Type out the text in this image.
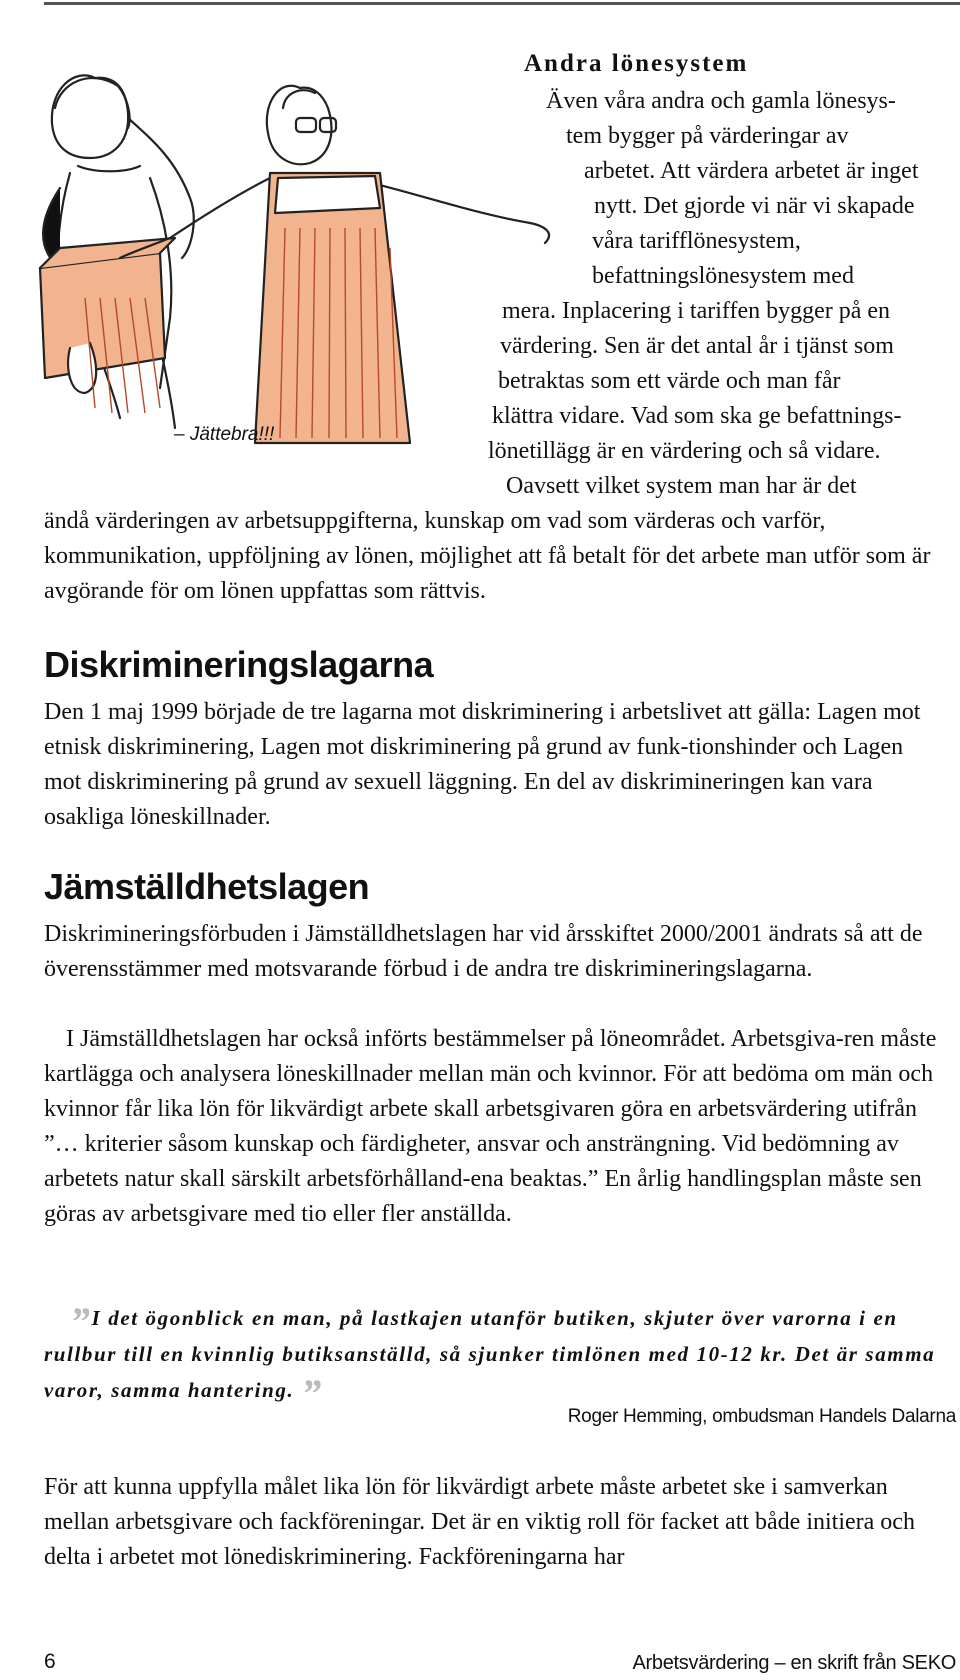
– Jättebra!!!
Andra lönesystem
Även våra andra och gamla lönesys-
tem bygger på värderingar av
arbetet. Att värdera arbetet är inget
nytt. Det gjorde vi när vi skapade
våra tarifflönesystem,
befattningslönesystem med
mera. Inplacering i tariffen bygger på en
värdering. Sen är det antal år i tjänst som
betraktas som ett värde och man får
klättra vidare. Vad som ska ge befattnings-
lönetillägg är en värdering och så vidare.
Oavsett vilket system man har är det

ändå värderingen av arbetsuppgifterna, kunskap om vad som värderas och varför, kommunikation, uppföljning av lönen, möjlighet att få betalt för det arbete man utför som är avgörande för om lönen uppfattas som rättvis.

Diskrimineringslagarna

Den 1 maj 1999 började de tre lagarna mot diskriminering i arbetslivet att gälla: Lagen mot etnisk diskriminering, Lagen mot diskriminering på grund av funk-tionshinder och Lagen mot diskriminering på grund av sexuell läggning. En del av diskrimineringen kan vara osakliga löneskillnader.

Jämställdhetslagen

Diskrimineringsförbuden i Jämställdhetslagen har vid årsskiftet 2000/2001 ändrats så att de överensstämmer med motsvarande förbud i de andra tre diskrimineringslagarna.

I Jämställdhetslagen har också införts bestämmelser på löneområdet. Arbetsgiva-ren måste kartlägga och analysera löneskillnader mellan män och kvinnor. För att bedöma om män och kvinnor får lika lön för likvärdigt arbete skall arbetsgivaren göra en arbetsvärdering utifrån ”… kriterier såsom kunskap och färdigheter, ansvar och ansträngning. Vid bedömning av arbetets natur skall särskilt arbetsförhålland-ena beaktas.” En årlig handlingsplan måste sen göras av arbetsgivare med tio eller fler anställda.

”I det ögonblick en man, på lastkajen utanför butiken, skjuter över varorna i en rullbur till en kvinnlig butiksanställd, så sjunker timlönen med 10-12 kr. Det är samma varor, samma hantering. ”

Roger Hemming, ombudsman Handels Dalarna

För att kunna uppfylla målet lika lön för likvärdigt arbete måste arbetet ske i samverkan mellan arbetsgivare och fackföreningar. Det är en viktig roll för facket att både initiera och delta i arbetet mot lönediskriminering. Fackföreningarna har

6	Arbetsvärdering – en skrift från SEKO
